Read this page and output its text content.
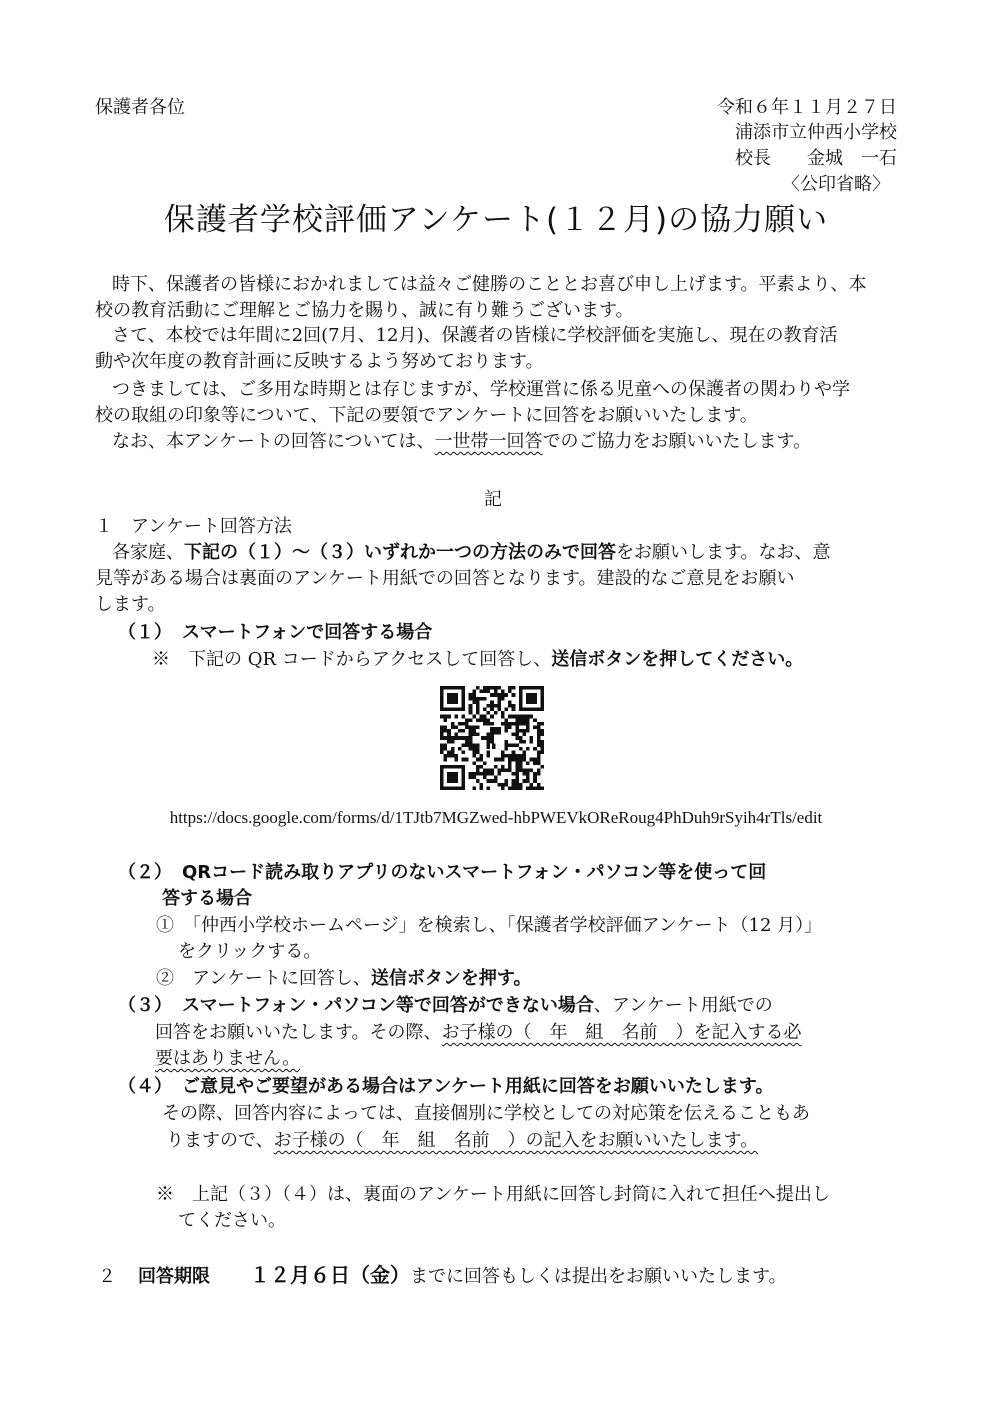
保護者各位	令和６年１１月２７日
浦添市立仲西小学校
校長　　金城　一石
〈公印省略〉
保護者学校評価アンケート(１２月)の協力願い
時下、保護者の皆様におかれましては益々ご健勝のこととお喜び申し上げます。平素より、本
校の教育活動にご理解とご協力を賜り、誠に有り難うございます。
さて、本校では年間に2回(7月、12月)、保護者の皆様に学校評価を実施し、現在の教育活
動や次年度の教育計画に反映するよう努めております。
つきましては、ご多用な時期とは存じますが、学校運営に係る児童への保護者の関わりや学
校の取組の印象等について、下記の要領でアンケートに回答をお願いいたします。
なお、本アンケートの回答については、一世帯一回答でのご協力をお願いいたします。
記
１　アンケート回答方法
各家庭、下記の（１）～（３）いずれか一つの方法のみで回答をお願いします。なお、意
見等がある場合は裏面のアンケート用紙での回答となります。建設的なご意見をお願い
します。
（１） スマートフォンで回答する場合
※　下記の QR コードからアクセスして回答し、送信ボタンを押してください。
https://docs.google.com/forms/d/1TJtb7MGZwed-hbPWEVkOReRoug4PhDuh9rSyih4rTls/edit
（２） QRコード読み取りアプリのないスマートフォン・パソコン等を使って回
答する場合
①　「仲西小学校ホームページ」を検索し、「保護者学校評価アンケート（12 月）」
をクリックする。
②　アンケートに回答し、送信ボタンを押す。
（３） スマートフォン・パソコン等で回答ができない場合、アンケート用紙での
回答をお願いいたします。その際、お子様の（　年　組　名前　）を記入する必
要はありません。
（４） ご意見やご要望がある場合はアンケート用紙に回答をお願いいたします。
その際、回答内容によっては、直接個別に学校としての対応策を伝えることもあ
りますので、お子様の（　年　組　名前　）の記入をお願いいたします。
※　上記（３）（４）は、裏面のアンケート用紙に回答し封筒に入れて担任へ提出し
てください。
２ 回答期限 １２月６日（金）までに回答もしくは提出をお願いいたします。
